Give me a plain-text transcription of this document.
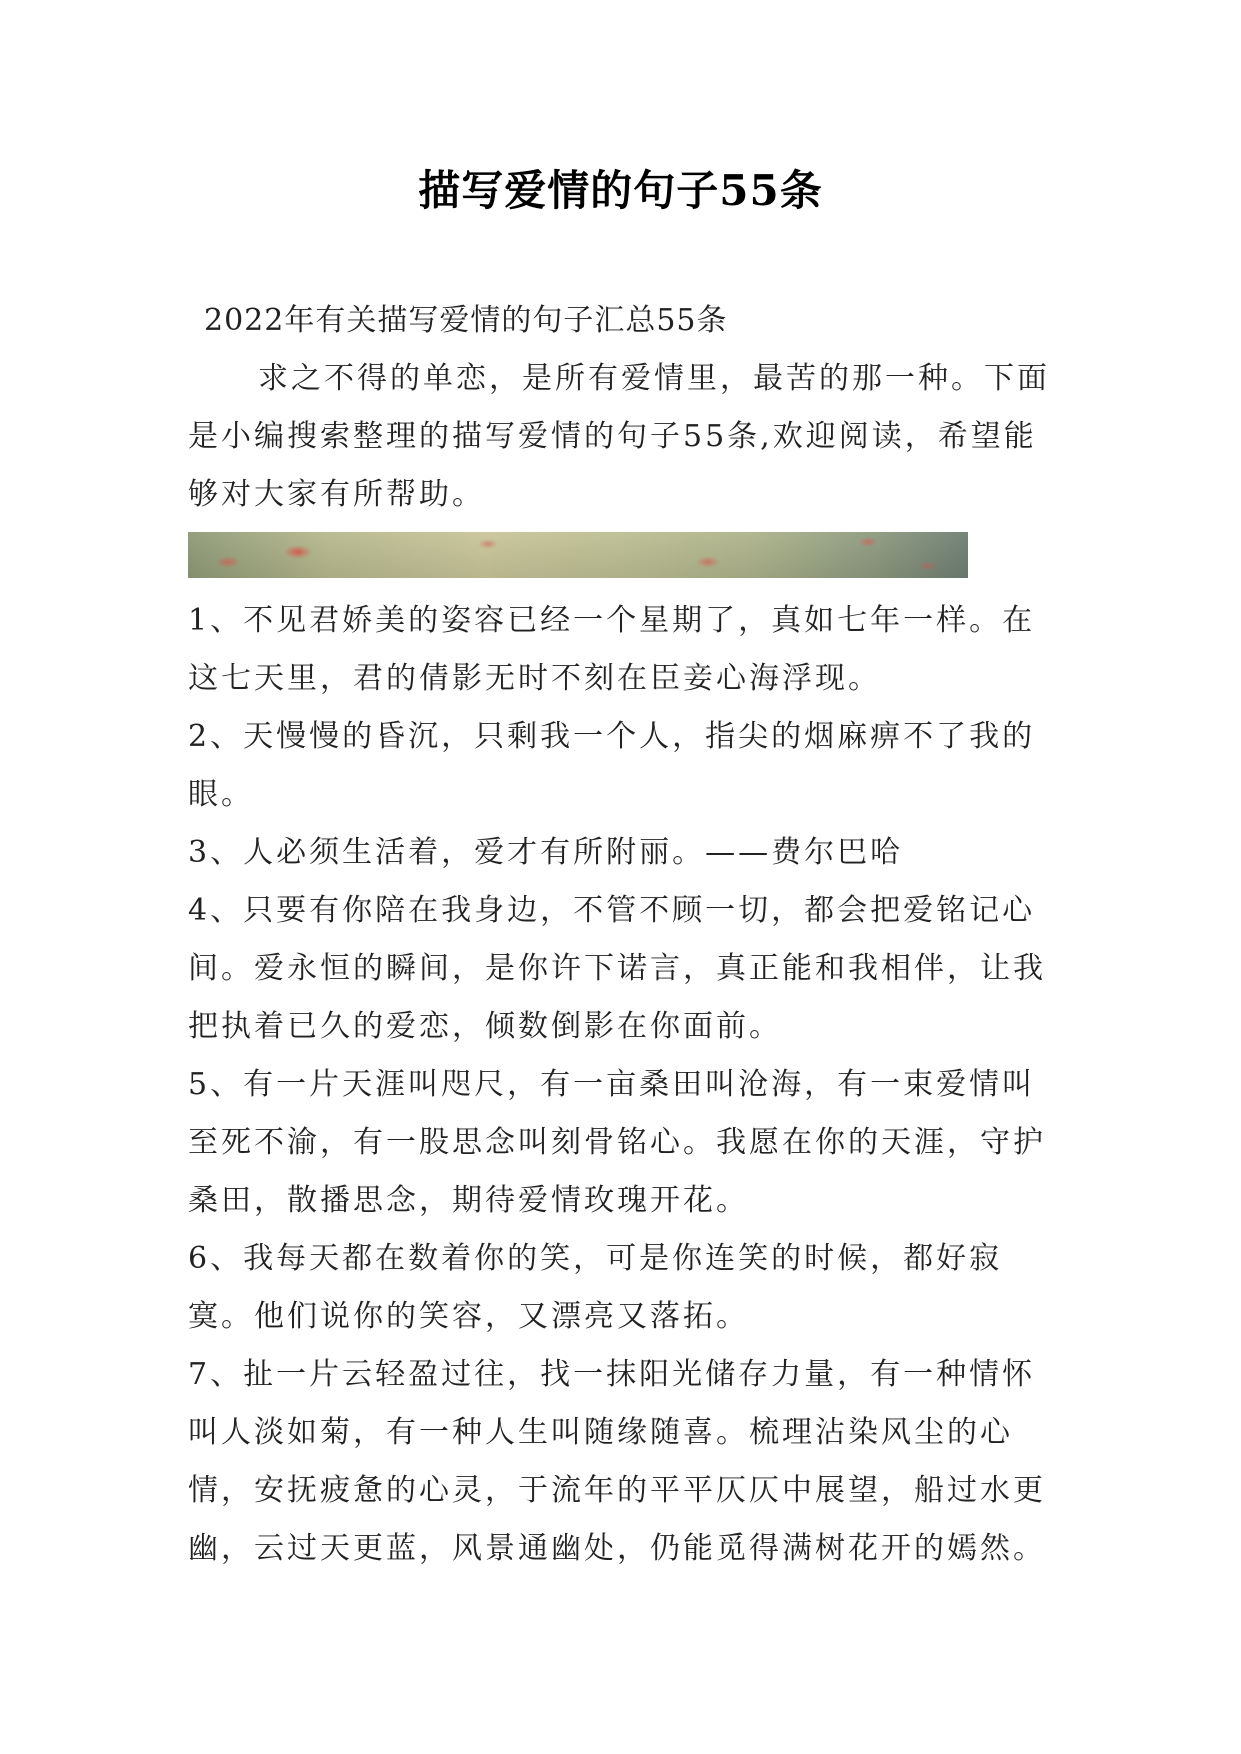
描写爱情的句子55条

2022年有关描写爱情的句子汇总55条

求之不得的单恋，是所有爱情里，最苦的那一种。下面是小编搜索整理的描写爱情的句子55条,欢迎阅读，希望能够对大家有所帮助。

1、不见君娇美的姿容已经一个星期了，真如七年一样。在这七天里，君的倩影无时不刻在臣妾心海浮现。

2、天慢慢的昏沉，只剩我一个人，指尖的烟麻痹不了我的眼。

3、人必须生活着，爱才有所附丽。——费尔巴哈

4、只要有你陪在我身边，不管不顾一切，都会把爱铭记心间。爱永恒的瞬间，是你许下诺言，真正能和我相伴，让我把执着已久的爱恋，倾数倒影在你面前。

5、有一片天涯叫咫尺，有一亩桑田叫沧海，有一束爱情叫至死不渝，有一股思念叫刻骨铭心。我愿在你的天涯，守护桑田，散播思念，期待爱情玫瑰开花。

6、我每天都在数着你的笑，可是你连笑的时候，都好寂寞。他们说你的笑容，又漂亮又落拓。

7、扯一片云轻盈过往，找一抹阳光储存力量，有一种情怀叫人淡如菊，有一种人生叫随缘随喜。梳理沾染风尘的心情，安抚疲惫的心灵，于流年的平平仄仄中展望，船过水更幽，云过天更蓝，风景通幽处，仍能觅得满树花开的嫣然。
